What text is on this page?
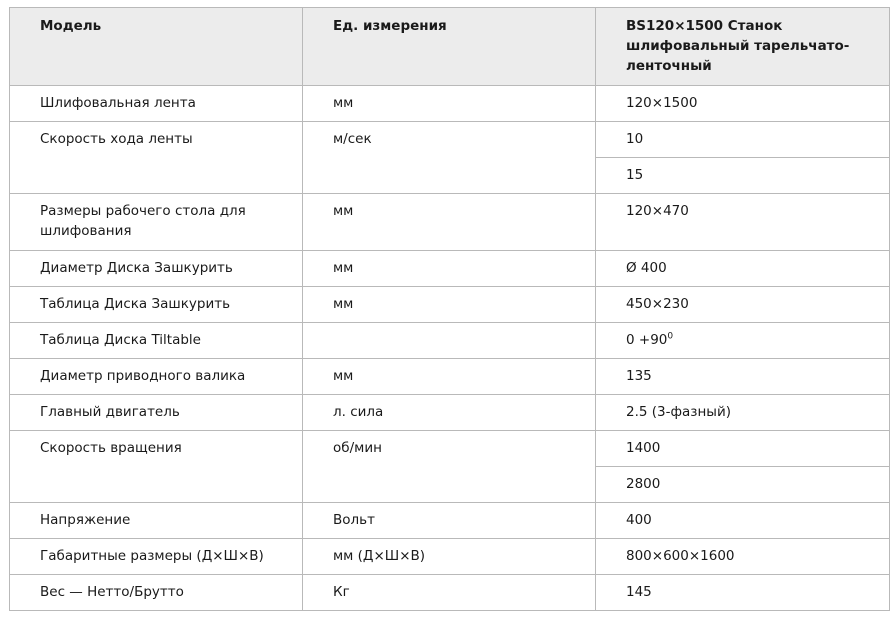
Модель	Ед. измерения	BS120×1500 Станок шлифовальный тарельчато-ленточный
Шлифовальная лента	мм	120×1500
Скорость хода ленты	м/сек	10
		15
Размеры рабочего стола для шлифования	мм	120×470
Диаметр Диска Зашкурить	мм	Ø 400
Таблица Диска Зашкурить	мм	450×230
Таблица Диска Tiltable		$0 +90^0$
Диаметр приводного валика	мм	135
Главный двигатель	л. сила	2.5 (3-фазный)
Скорость вращения	об/мин	1400
		2800
Напряжение	Вольт	400
Габаритные размеры (Д×Ш×В)	мм (Д×Ш×В)	800×600×1600
Вес — Нетто/Брутто	Кг	145
